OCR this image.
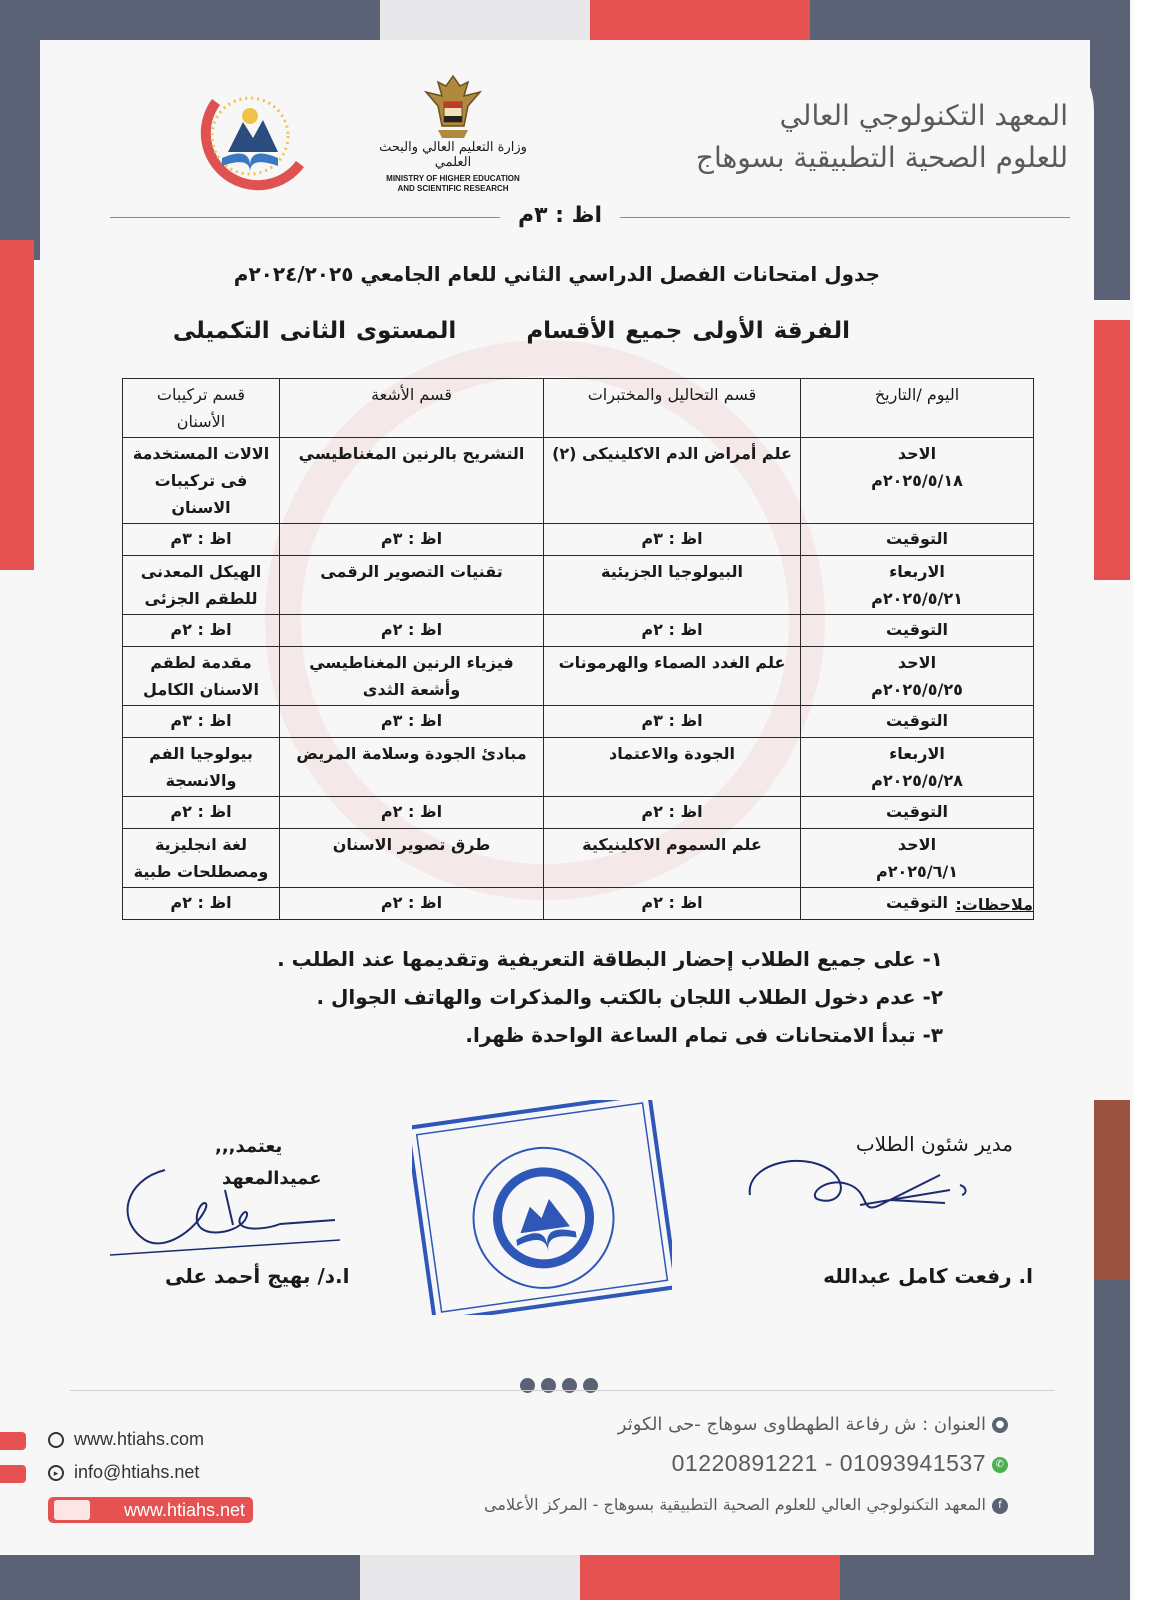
المعهد التكنولوجي العالي
للعلوم الصحية التطبيقية بسوهاج
وزارة التعليم العالي والبحث العلمي
MINISTRY OF HIGHER EDUCATION
AND SCIENTIFIC RESEARCH
اظ : ٣م
جدول امتحانات الفصل الدراسي الثاني للعام الجامعي ٢٠٢٤/٢٠٢٥م
الفرقة الأولى جميع الأقسام المستوى الثانى التكميلى
اليوم /التاريخ	قسم التحاليل والمختبرات	قسم الأشعة	قسم تركيبات الأسنان

الاحد
٢٠٢٥/٥/١٨م	علم أمراض الدم الاكلينيكى (٢)	التشريح بالرنين المغناطيسي	الالات المستخدمة فى تركيبات الاسنان
التوقيت	اظ : ٣م	اظ : ٣م	اظ : ٣م

الاربعاء
٢٠٢٥/٥/٢١م	البيولوجيا الجزيئية	تقنيات التصوير الرقمى	الهيكل المعدنى للطقم الجزئى
التوقيت	اظ : ٢م	اظ : ٢م	اظ : ٢م

الاحد
٢٠٢٥/٥/٢٥م	علم الغدد الصماء والهرمونات	فيزياء الرنين المغناطيسي وأشعة الثدى	مقدمة لطقم الاسنان الكامل
التوقيت	اظ : ٣م	اظ : ٣م	اظ : ٣م

الاربعاء
٢٠٢٥/٥/٢٨م	الجودة والاعتماد	مبادئ الجودة وسلامة المريض	بيولوجيا الفم والانسجة
التوقيت	اظ : ٢م	اظ : ٢م	اظ : ٢م

الاحد
٢٠٢٥/٦/١م	علم السموم الاكلينيكية	طرق تصوير الاسنان	لغة انجليزية ومصطلحات طبية
التوقيت	اظ : ٢م	اظ : ٢م	اظ : ٢م	ملاحظات:
١- على جميع الطلاب إحضار البطاقة التعريفية وتقديمها عند الطلب .
٢- عدم دخول الطلاب اللجان بالكتب والمذكرات والهاتف الجوال .
٣- تبدأ الامتحانات فى تمام الساعة الواحدة ظهرا.
يعتمد,,,
عميدالمعهد
ا.د/ بهيج أحمد على
مدير شئون الطلاب
ا. رفعت كامل عبدالله
●العنوان : ش رفاعة الطهطاوى سوهاج -حى الكوثر
✆01220891221 - 01093941537
fالمعهد التكنولوجي العالي للعلوم الصحية التطبيقية بسوهاج - المركز الأعلامى
www.htiahs.com
▸ info@htiahs.net
www.htiahs.net
